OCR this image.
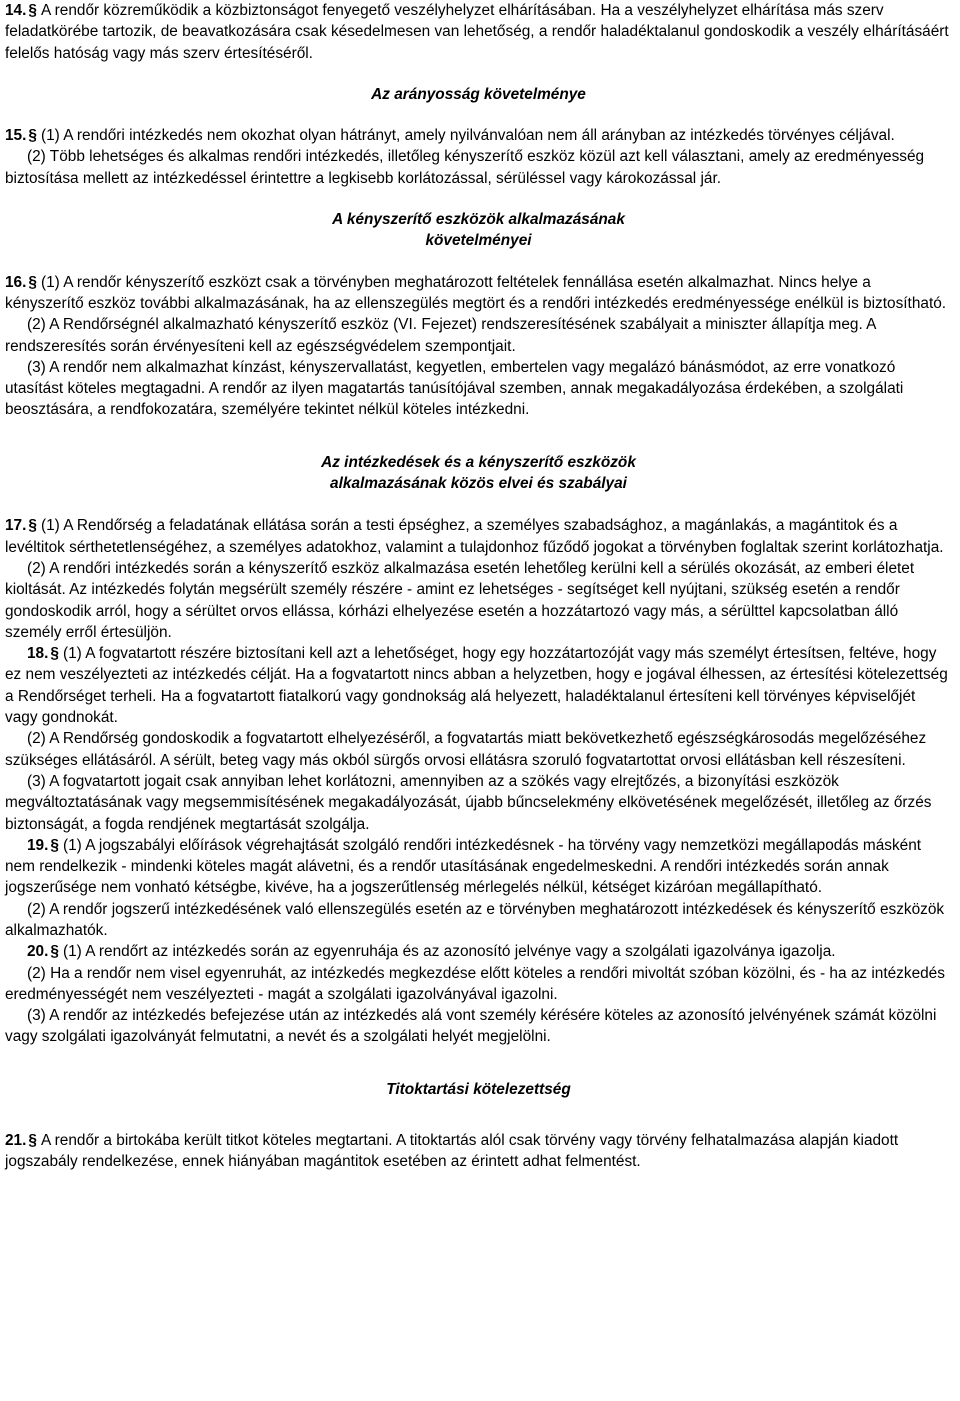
14. § A rendőr közreműködik a közbiztonságot fenyegető veszélyhelyzet elhárításában. Ha a veszélyhelyzet elhárítása más szerv feladatkörébe tartozik, de beavatkozására csak késedelmesen van lehetőség, a rendőr haladéktalanul gondoskodik a veszély elhárításáért felelős hatóság vagy más szerv értesítéséről.

Az arányosság követelménye

15. § (1) A rendőri intézkedés nem okozhat olyan hátrányt, amely nyilvánvalóan nem áll arányban az intézkedés törvényes céljával.

(2) Több lehetséges és alkalmas rendőri intézkedés, illetőleg kényszerítő eszköz közül azt kell választani, amely az eredményesség biztosítása mellett az intézkedéssel érintettre a legkisebb korlátozással, sérüléssel vagy károkozással jár.

A kényszerítő eszközök alkalmazásának
követelményei

16. § (1) A rendőr kényszerítő eszközt csak a törvényben meghatározott feltételek fennállása esetén alkalmazhat. Nincs helye a kényszerítő eszköz további alkalmazásának, ha az ellenszegülés megtört és a rendőri intézkedés eredményessége enélkül is biztosítható.

(2) A Rendőrségnél alkalmazható kényszerítő eszköz (VI. Fejezet) rendszeresítésének szabályait a miniszter állapítja meg. A rendszeresítés során érvényesíteni kell az egészségvédelem szempontjait.

(3) A rendőr nem alkalmazhat kínzást, kényszervallatást, kegyetlen, embertelen vagy megalázó bánásmódot, az erre vonatkozó utasítást köteles megtagadni. A rendőr az ilyen magatartás tanúsítójával szemben, annak megakadályozása érdekében, a szolgálati beosztására, a rendfokozatára, személyére tekintet nélkül köteles intézkedni.

Az intézkedések és a kényszerítő eszközök
alkalmazásának közös elvei és szabályai

17. § (1) A Rendőrség a feladatának ellátása során a testi épséghez, a személyes szabadsághoz, a magánlakás, a magántitok és a levéltitok sérthetetlenségéhez, a személyes adatokhoz, valamint a tulajdonhoz fűződő jogokat a törvényben foglaltak szerint korlátozhatja.

(2) A rendőri intézkedés során a kényszerítő eszköz alkalmazása esetén lehetőleg kerülni kell a sérülés okozását, az emberi életet kioltását. Az intézkedés folytán megsérült személy részére - amint ez lehetséges - segítséget kell nyújtani, szükség esetén a rendőr gondoskodik arról, hogy a sérültet orvos ellássa, kórházi elhelyezése esetén a hozzátartozó vagy más, a sérülttel kapcsolatban álló személy erről értesüljön.

18. § (1) A fogvatartott részére biztosítani kell azt a lehetőséget, hogy egy hozzátartozóját vagy más személyt értesítsen, feltéve, hogy ez nem veszélyezteti az intézkedés célját. Ha a fogvatartott nincs abban a helyzetben, hogy e jogával élhessen, az értesítési kötelezettség a Rendőrséget terheli. Ha a fogvatartott fiatalkorú vagy gondnokság alá helyezett, haladéktalanul értesíteni kell törvényes képviselőjét vagy gondnokát.

(2) A Rendőrség gondoskodik a fogvatartott elhelyezéséről, a fogvatartás miatt bekövetkezhető egészségkárosodás megelőzéséhez szükséges ellátásáról. A sérült, beteg vagy más okból sürgős orvosi ellátásra szoruló fogvatartottat orvosi ellátásban kell részesíteni.

(3) A fogvatartott jogait csak annyiban lehet korlátozni, amennyiben az a szökés vagy elrejtőzés, a bizonyítási eszközök megváltoztatásának vagy megsemmisítésének megakadályozását, újabb bűncselekmény elkövetésének megelőzését, illetőleg az őrzés biztonságát, a fogda rendjének megtartását szolgálja.

19. § (1) A jogszabályi előírások végrehajtását szolgáló rendőri intézkedésnek - ha törvény vagy nemzetközi megállapodás másként nem rendelkezik - mindenki köteles magát alávetni, és a rendőr utasításának engedelmeskedni. A rendőri intézkedés során annak jogszerűsége nem vonható kétségbe, kivéve, ha a jogszerűtlenség mérlegelés nélkül, kétséget kizáróan megállapítható.

(2) A rendőr jogszerű intézkedésének való ellenszegülés esetén az e törvényben meghatározott intézkedések és kényszerítő eszközök alkalmazhatók.

20. § (1) A rendőrt az intézkedés során az egyenruhája és az azonosító jelvénye vagy a szolgálati igazolványa igazolja.

(2) Ha a rendőr nem visel egyenruhát, az intézkedés megkezdése előtt köteles a rendőri mivoltát szóban közölni, és - ha az intézkedés eredményességét nem veszélyezteti - magát a szolgálati igazolványával igazolni.

(3) A rendőr az intézkedés befejezése után az intézkedés alá vont személy kérésére köteles az azonosító jelvényének számát közölni vagy szolgálati igazolványát felmutatni, a nevét és a szolgálati helyét megjelölni.

Titoktartási kötelezettség

21. § A rendőr a birtokába került titkot köteles megtartani. A titoktartás alól csak törvény vagy törvény felhatalmazása alapján kiadott jogszabály rendelkezése, ennek hiányában magántitok esetében az érintett adhat felmentést.
